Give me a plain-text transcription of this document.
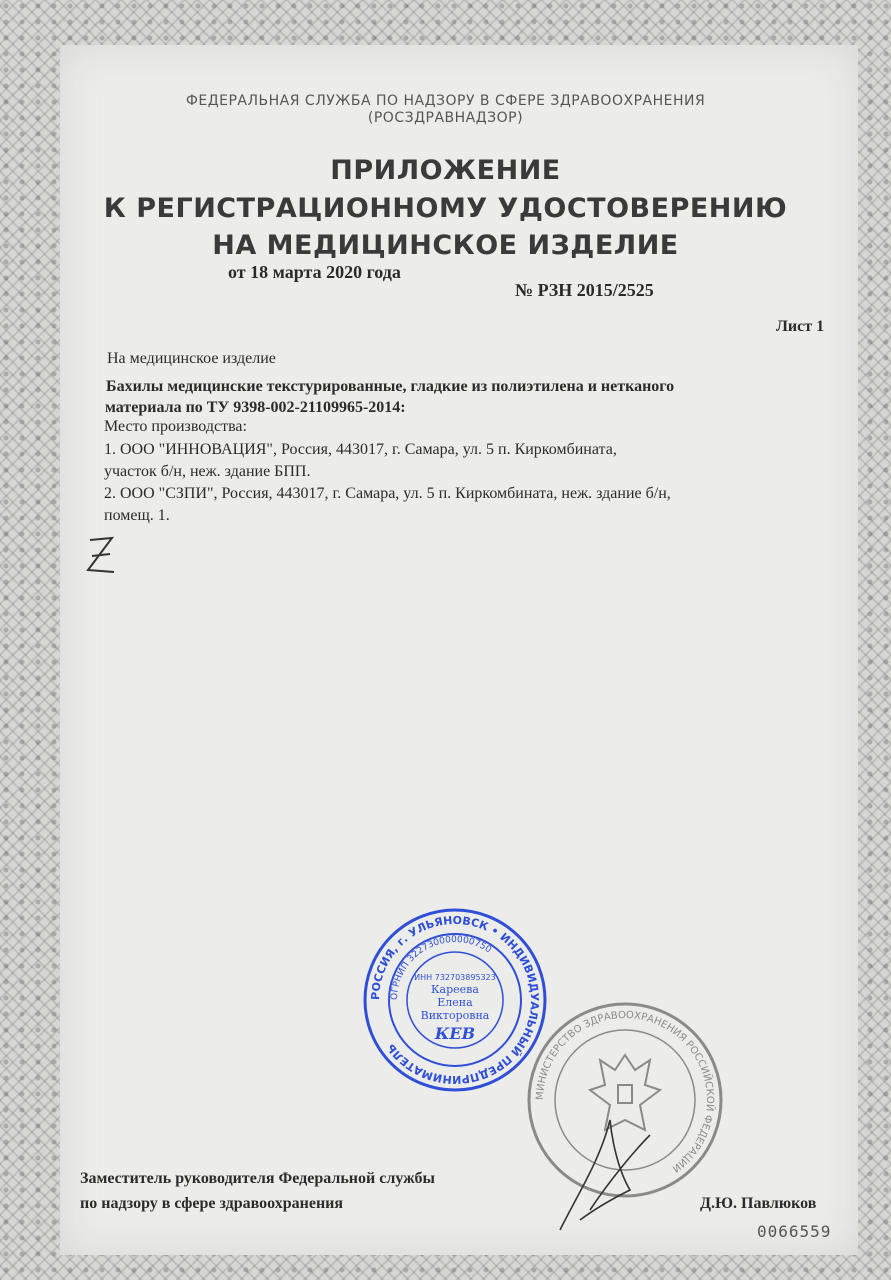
ФЕДЕРАЛЬНАЯ СЛУЖБА ПО НАДЗОРУ В СФЕРЕ ЗДРАВООХРАНЕНИЯ
(РОСЗДРАВНАДЗОР)
ПРИЛОЖЕНИЕ
К РЕГИСТРАЦИОННОМУ УДОСТОВЕРЕНИЮ
НА МЕДИЦИНСКОЕ ИЗДЕЛИЕ
от 18 марта 2020 года
№ РЗН 2015/2525
Лист 1
На медицинское изделие
Бахилы медицинские текстурированные, гладкие из полиэтилена и нетканого
материала по ТУ 9398-002-21109965-2014:
Место производства:
1. ООО "ИННОВАЦИЯ", Россия, 443017, г. Самара, ул. 5 п. Киркомбината,
участок б/н, неж. здание БПП.
2. ООО "СЗПИ", Россия, 443017, г. Самара, ул. 5 п. Киркомбината, неж. здание б/н,
помещ. 1.
МИНИСТЕРСТВО ЗДРАВООХРАНЕНИЯ РОССИЙСКОЙ ФЕДЕРАЦИИ
РОССИЯ, г. УЛЬЯНОВСК • ИНДИВИДУАЛЬНЫЙ ПРЕДПРИНИМАТЕЛЬ
ОГРНИП 322730000000750
ИНН 732703895323
Кареева
Елена
Викторовна
КЕВ
Заместитель руководителя Федеральной службы
по надзору в сфере здравоохранения	Д.Ю. Павлюков
0066559
